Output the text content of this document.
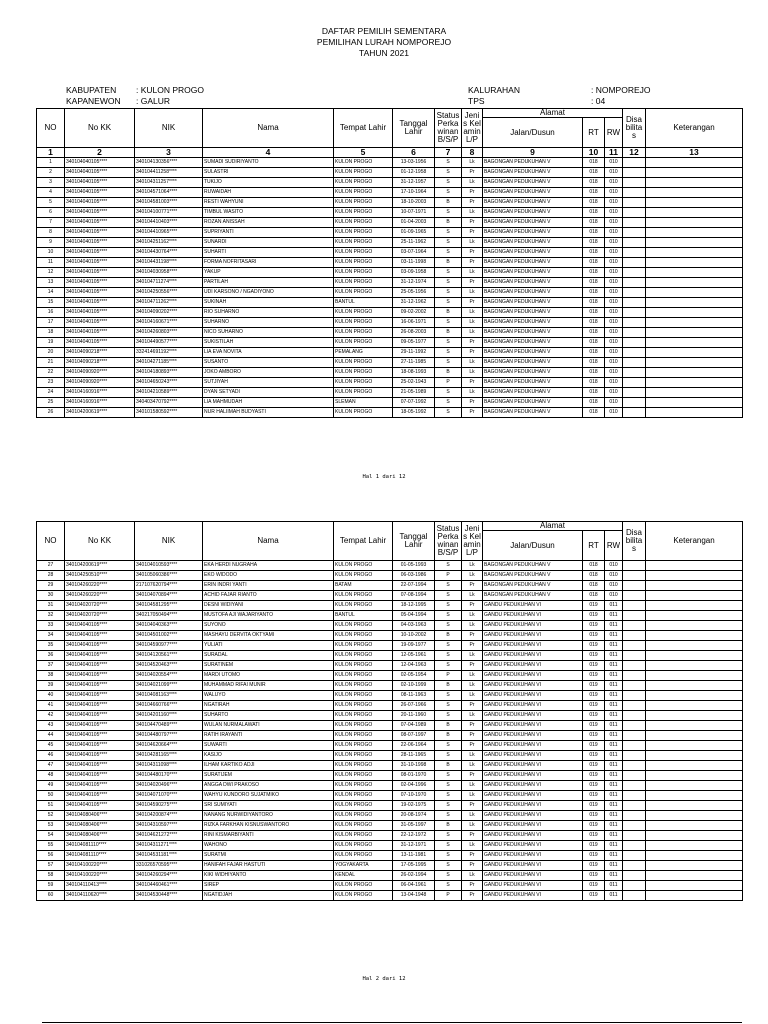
DAFTAR PEMILIH SEMENTARA
PEMILIHAN LURAH NOMPOREJO
TAHUN 2021
KABUPATEN : KULON PROGO
KAPANEWON : GALUR
KALURAHAN	: NOMPOREJO
TPS	: 04
NO	No KK	NIK	Nama	Tempat Lahir	Tanggal Lahir	Status Perkawinan B/S/P	Jenis Kelamin L/P	Alamat			Disabilitas	Keterangan
								Jalan/Dusun	RT	RW		
1	2	3	4	5	6	7	8	9	10	11	12	13
1	340104040105****	340104130356****	SUMADI SUDIRIYANTO	KULON PROGO	13-03-1956	S	Lk	BAGONGAN PEDUKUHAN V	018	010		
2	340104040105****	340104411258****	SULASTRI	KULON PROGO	01-12-1958	S	Pr	BAGONGAN PEDUKUHAN V	018	010		
3	340104040105****	340104311257****	TUKIJO	KULON PROGO	31-12-1957	S	Lk	BAGONGAN PEDUKUHAN V	018	010		
4	340104040105****	340104571064****	RUWAIDAH	KULON PROGO	17-10-1964	S	Pr	BAGONGAN PEDUKUHAN V	018	010		
5	340104040105****	340104581003****	RESTI WAHYUNI	KULON PROGO	18-10-2003	B	Pr	BAGONGAN PEDUKUHAN V	018	010		
6	340104040105****	340104100771****	TIMBUL WASITO	KULON PROGO	10-07-1971	S	Lk	BAGONGAN PEDUKUHAN V	018	010		
7	340104040105****	340104410403****	ROZAN ANISSAH	KULON PROGO	01-04-2003	B	Pr	BAGONGAN PEDUKUHAN V	018	010		
8	340104040105****	340104410965****	SUPRIYANTI	KULON PROGO	01-09-1965	S	Pr	BAGONGAN PEDUKUHAN V	018	010		
9	340104040105****	340104251162****	SUNARDI	KULON PROGO	25-11-1962	S	Lk	BAGONGAN PEDUKUHAN V	018	010		
10	340104040105****	340104430764****	SUHARTI	KULON PROGO	03-07-1964	S	Pr	BAGONGAN PEDUKUHAN V	018	010		
11	340104040105****	340104431198****	FORMA NOFRITASARI	KULON PROGO	03-11-1998	B	Pr	BAGONGAN PEDUKUHAN V	018	010		
12	340104040105****	340104030958****	YAKUP	KULON PROGO	03-09-1958	S	Lk	BAGONGAN PEDUKUHAN V	018	010		
13	340104040105****	340104711274****	PARTILAH	KULON PROGO	31-12-1974	S	Pr	BAGONGAN PEDUKUHAN V	018	010		
14	340104040105****	340104250556****	UDI KARSONO / NGADIYONO	KULON PROGO	25-05-1956	S	Lk	BAGONGAN PEDUKUHAN V	018	010		
15	340104040105****	340104711262****	SUKINAH	BANTUL	31-12-1962	S	Pr	BAGONGAN PEDUKUHAN V	018	010		
16	340104040105****	340104090202****	RIO SUHARNO	KULON PROGO	09-02-2002	B	Lk	BAGONGAN PEDUKUHAN V	018	010		
17	340104040105****	340104160671****	SUHARNO	KULON PROGO	16-06-1971	S	Lk	BAGONGAN PEDUKUHAN V	018	010		
18	340104040105****	340104260803****	NICO SUHARNO	KULON PROGO	26-08-2003	B	Lk	BAGONGAN PEDUKUHAN V	018	010		
19	340104040105****	340104490577****	SUKISTILAH	KULON PROGO	09-05-1977	S	Pr	BAGONGAN PEDUKUHAN V	018	010		
20	340104090218****	332414691192****	LIA EVA NOVITA	PEMALANG	29-11-1992	S	Pr	BAGONGAN PEDUKUHAN V	018	010		
21	340104090218****	340104271185****	SUSANTO	KULON PROGO	27-11-1985	S	Lk	BAGONGAN PEDUKUHAN V	018	010		
22	340104090920****	340104180893****	JOKO AMBORO	KULON PROGO	18-08-1993	B	Lk	BAGONGAN PEDUKUHAN V	018	010		
23	340104090920****	340104650243****	SUTJIYAH	KULON PROGO	25-02-1943	P	Pr	BAGONGAN PEDUKUHAN V	018	010		
24	340104160916****	340104210589****	DYAN SETYADI	KULON PROGO	21-05-1989	S	Lk	BAGONGAN PEDUKUHAN V	018	010		
25	340104160916****	340403470792****	LIA MAHMUDAH	SLEMAN	07-07-1992	S	Pr	BAGONGAN PEDUKUHAN V	018	010		
26	340104200619****	340101580592****	NUR HALIIMAH BUDYASTI	KULON PROGO	18-05-1992	S	Pr	BAGONGAN PEDUKUHAN V	018	010		
Hal 1 dari 12
NO	No KK	NIK	Nama	Tempat Lahir	Tanggal Lahir	Status Perkawinan B/S/P	Jenis Kelamin L/P	Alamat			Disabilitas	Keterangan
								Jalan/Dusun	RT	RW		
27	340104200619****	340104010593****	EKA HERDI NUGRAHA	KULON PROGO	01-05-1993	S	Lk	BAGONGAN PEDUKUHAN V	018	010		
28	340104250510****	340105060386****	EKO WIDODO	KULON PROGO	06-03-1986	P	Lk	BAGONGAN PEDUKUHAN V	018	010		
29	340104260220****	217107620794****	ERIN INDRI YANTI	BATAM	22-07-1994	S	Pr	BAGONGAN PEDUKUHAN V	018	010		
30	340104260220****	340104070894****	ACHID FAJAR RIANTO	KULON PROGO	07-08-1994	S	Lk	BAGONGAN PEDUKUHAN V	018	010		
31	340104020720****	340104581295****	DESNI WIDIYANI	KULON PROGO	18-12-1995	S	Pr	GANDU PEDUKUHAN VI	019	011		
32	340104020720****	340217050494****	MUSTOFA AJI WAJARIYANTO	BANTUL	05-04-1994	S	Lk	GANDU PEDUKUHAN VI	019	011		
33	340104040105****	340104040363****	SUYONO	KULON PROGO	04-03-1963	S	Lk	GANDU PEDUKUHAN VI	019	011		
34	340104040105****	340104501002****	MASHAYU DERVITA OKTYAMI	KULON PROGO	10-10-2002	B	Pr	GANDU PEDUKUHAN VI	019	011		
35	340104040105****	340104590977****	YULIATI	KULON PROGO	19-09-1977	S	Pr	GANDU PEDUKUHAN VI	019	011		
36	340104040105****	340104120561****	SURADAL	KULON PROGO	12-05-1961	S	Lk	GANDU PEDUKUHAN VI	019	011		
37	340104040105****	340104520463****	SURATINEM	KULON PROGO	12-04-1963	S	Pr	GANDU PEDUKUHAN VI	019	011		
38	340104040105****	340104020554****	MARDI UTOMO	KULON PROGO	02-05-1954	P	Lk	GANDU PEDUKUHAN VI	019	011		
39	340104040105****	340104021099****	MUHAMMAD RIFAI MUNIR	KULON PROGO	02-10-1999	B	Lk	GANDU PEDUKUHAN VI	019	011		
40	340104040105****	340104081163****	WALUYO	KULON PROGO	08-11-1963	S	Lk	GANDU PEDUKUHAN VI	019	011		
41	340104040105****	340104660766****	NGATIRAH	KULON PROGO	26-07-1966	S	Pr	GANDU PEDUKUHAN VI	019	011		
42	340104040105****	340104201160****	SUHARTO	KULON PROGO	20-11-1960	S	Lk	GANDU PEDUKUHAN VI	019	011		
43	340104040105****	340104470489****	WULAN NURMALAWATI	KULON PROGO	07-04-1989	B	Pr	GANDU PEDUKUHAN VI	019	011		
44	340104040105****	340104480797****	RATIH IRAYANTI	KULON PROGO	08-07-1997	B	Pr	GANDU PEDUKUHAN VI	019	011		
45	340104040105****	340104620664****	SUWARTI	KULON PROGO	22-06-1964	S	Pr	GANDU PEDUKUHAN VI	019	011		
46	340104040105****	340104281165****	KASIJO	KULON PROGO	28-11-1965	S	Lk	GANDU PEDUKUHAN VI	019	011		
47	340104040105****	340104311098****	ILHAM KARTIKO ADJI	KULON PROGO	31-10-1998	B	Lk	GANDU PEDUKUHAN VI	019	011		
48	340104040105****	340104480170****	SURATIJEM	KULON PROGO	08-01-1970	S	Pr	GANDU PEDUKUHAN VI	019	011		
49	340104040105****	340104020496****	ANGGA DWI PRAKOSO	KULON PROGO	02-04-1996	S	Lk	GANDU PEDUKUHAN VI	019	011		
50	340104040105****	340104071070****	WAHYU KUNDORO SUJATMIKO	KULON PROGO	07-10-1970	S	Lk	GANDU PEDUKUHAN VI	019	011		
51	340104040105****	340104590275****	SRI SUMIYATI	KULON PROGO	19-02-1975	S	Pr	GANDU PEDUKUHAN VI	019	011		
52	340104080406****	340104200874****	NANANG NURWIDIYANTORO	KULON PROGO	20-08-1974	S	Lk	GANDU PEDUKUHAN VI	019	011		
53	340104080406****	340104310597****	RIZKA FARKHAN KISNUSWANTORO	KULON PROGO	31-05-1997	B	Lk	GANDU PEDUKUHAN VI	019	011		
54	340104080406****	340104621272****	RINI KISMARBIYANTI	KULON PROGO	22-12-1972	S	Pr	GANDU PEDUKUHAN VI	019	011		
55	340104081110****	340104311271****	WAHONO	KULON PROGO	31-12-1971	S	Lk	GANDU PEDUKUHAN VI	019	011		
56	340104081110****	340104531181****	SURATMI	KULON PROGO	13-11-1981	S	Pr	GANDU PEDUKUHAN VI	019	011		
57	340104100220****	331026570595****	HANIFAH FAJAR HASTUTI	YOGYAKARTA	17-05-1995	S	Pr	GANDU PEDUKUHAN VI	019	011		
58	340104100220****	340104260294****	KIKI WIDHIYANTO	KENDAL	26-02-1994	S	Lk	GANDU PEDUKUHAN VI	019	011		
59	340104110413****	340104460461****	SIREP	KULON PROGO	06-04-1961	S	Pr	GANDU PEDUKUHAN VI	019	011		
60	340104110620****	340104530448****	NGATIDJAH	KULON PROGO	13-04-1948	P	Pr	GANDU PEDUKUHAN VI	019	011		
Hal 2 dari 12
